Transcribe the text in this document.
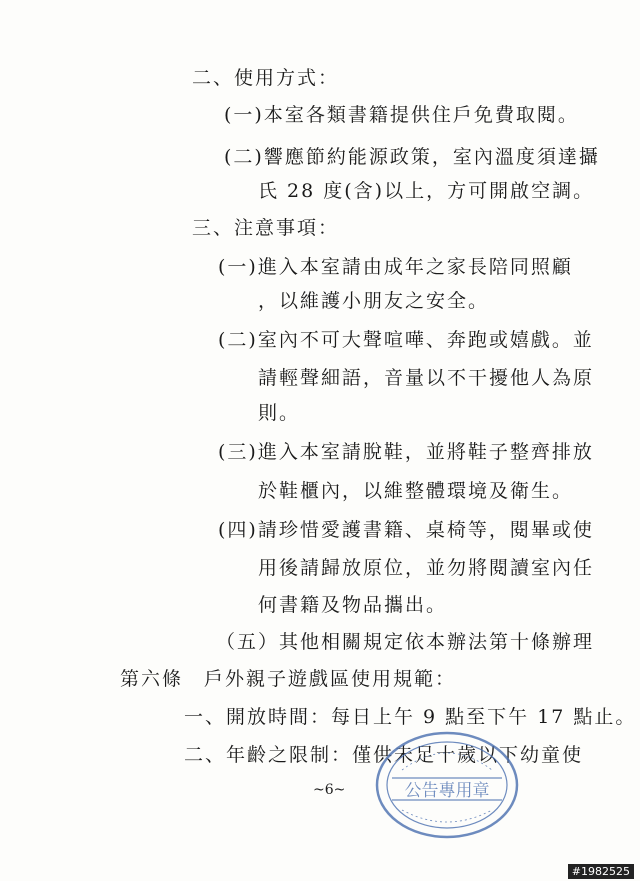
二、使用方式：
(一)本室各類書籍提供住戶免費取閱。
(二)響應節約能源政策，室內溫度須達攝
氏 28 度(含)以上，方可開啟空調。
三、注意事項：
(一)進入本室請由成年之家長陪同照顧
，以維護小朋友之安全。
(二)室內不可大聲喧嘩、奔跑或嬉戲。並
請輕聲細語，音量以不干擾他人為原
則。
(三)進入本室請脫鞋，並將鞋子整齊排放
於鞋櫃內，以維整體環境及衛生。
(四)請珍惜愛護書籍、桌椅等，閱畢或使
用後請歸放原位，並勿將閱讀室內任
何書籍及物品攜出。
（五）其他相關規定依本辦法第十條辦理
第六條　戶外親子遊戲區使用規範：
一、開放時間：每日上午 9 點至下午 17 點止。
二、年齡之限制：僅供未足十歲以下幼童使
~6~	公告專用章
#1982525
